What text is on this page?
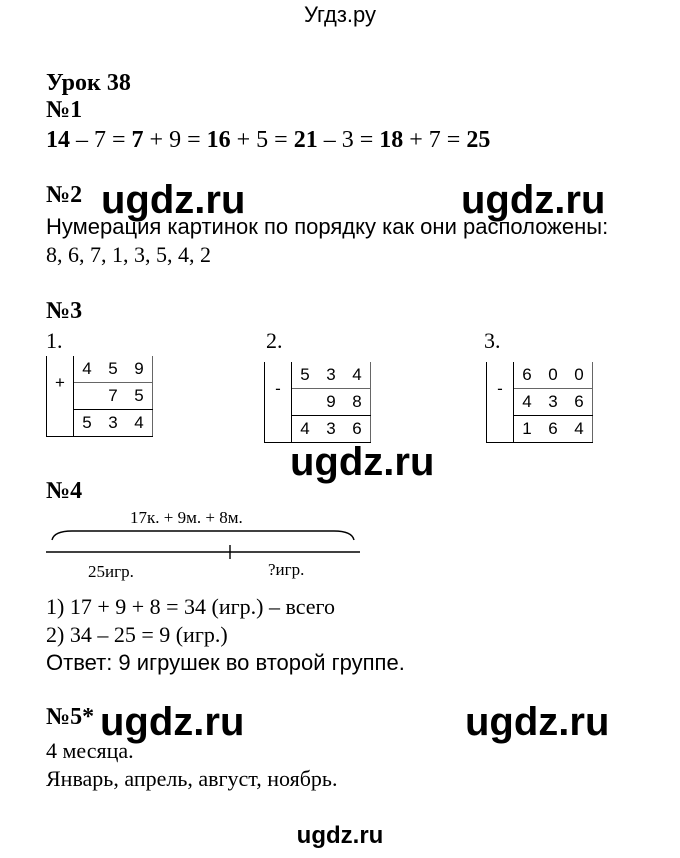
Угдз.ру
Урок 38
№1
14 – 7 = 7 + 9 = 16 + 5 = 21 – 3 = 18 + 7 = 25
№2
Нумерация картинок по порядку как они расположены:
8, 6, 7, 1, 3, 5, 4, 2
№3
1.
+	4	5	9
		7	5
	5	3	4
2.
-	5	3	4
		9	8
	4	3	6
3.
-	6	0	0
	4	3	6
	1	6	4
№4
17к. + 9м. + 8м.
25игр.	?игр.
1) 17 + 9 + 8 = 34 (игр.) – всего
2) 34 – 25 = 9 (игр.)
Ответ: 9 игрушек во второй группе.
№5*
4 месяца.
Январь, апрель, август, ноябрь.
ugdz.ru	ugdz.ru
ugdz.ru
ugdz.ru	ugdz.ru
ugdz.ru
